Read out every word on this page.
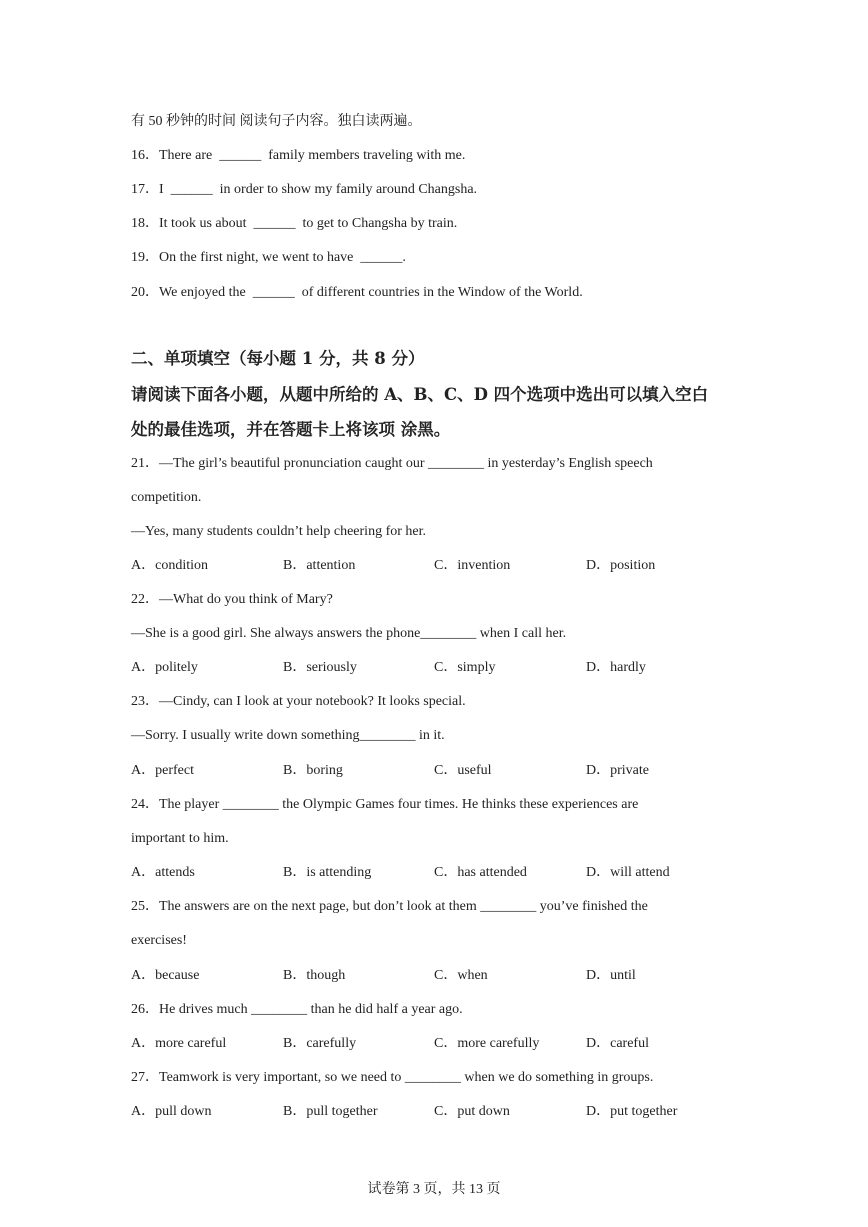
有 50 秒钟的时间 阅读句子内容。独白读两遍。
16．There are  ______  family members traveling with me.
17．I  ______  in order to show my family around Changsha.
18．It took us about  ______  to get to Changsha by train.
19．On the first night, we went to have  ______.
20．We enjoyed the  ______  of different countries in the Window of the World.
二、单项填空（每小题 1 分，共 8 分）
请阅读下面各小题，从题中所给的 A、B、C、D 四个选项中选出可以填入空白
处的最佳选项，并在答题卡上将该项 涂黑。
21．—The girl’s beautiful pronunciation caught our ________ in yesterday’s English speech
competition.
—Yes, many students couldn’t help cheering for her.
A．condition	B．attention	C．invention	D．position
22．—What do you think of Mary?
—She is a good girl. She always answers the phone________ when I call her.
A．politely	B．seriously	C．simply	D．hardly
23．—Cindy, can I look at your notebook? It looks special.
—Sorry. I usually write down something________ in it.
A．perfect	B．boring	C．useful	D．private
24．The player ________ the Olympic Games four times. He thinks these experiences are
important to him.
A．attends	B．is attending	C．has attended	D．will attend
25．The answers are on the next page, but don’t look at them ________ you’ve finished the
exercises!
A．because	B．though	C．when	D．until
26．He drives much ________ than he did half a year ago.
A．more careful	B．carefully	C．more carefully	D．careful
27．Teamwork is very important, so we need to ________ when we do something in groups.
A．pull down	B．pull together	C．put down	D．put together
试卷第 3 页，共 13 页
